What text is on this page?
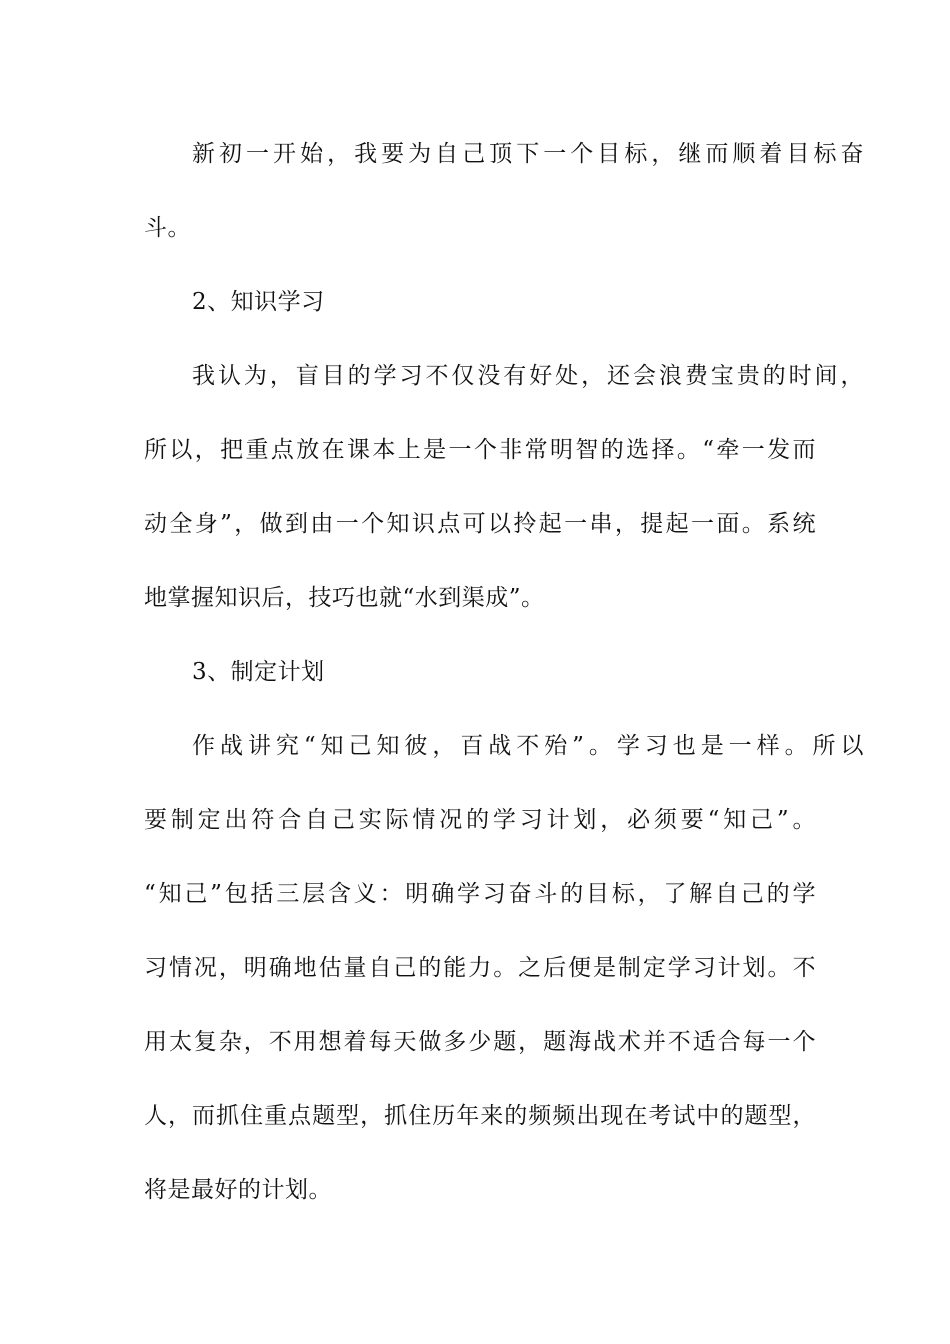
新初一开始，我要为自己顶下一个目标，继而顺着目标奋
斗。
2、知识学习
我认为，盲目的学习不仅没有好处，还会浪费宝贵的时间，
所以，把重点放在课本上是一个非常明智的选择。“牵一发而
动全身”，做到由一个知识点可以拎起一串，提起一面。系统
地掌握知识后，技巧也就“水到渠成”。
3、制定计划
作战讲究“知己知彼，百战不殆”。学习也是一样。所以
要制定出符合自己实际情况的学习计划，必须要“知己”。
“知己”包括三层含义：明确学习奋斗的目标，了解自己的学
习情况，明确地估量自己的能力。之后便是制定学习计划。不
用太复杂，不用想着每天做多少题，题海战术并不适合每一个
人，而抓住重点题型，抓住历年来的频频出现在考试中的题型，
将是最好的计划。
